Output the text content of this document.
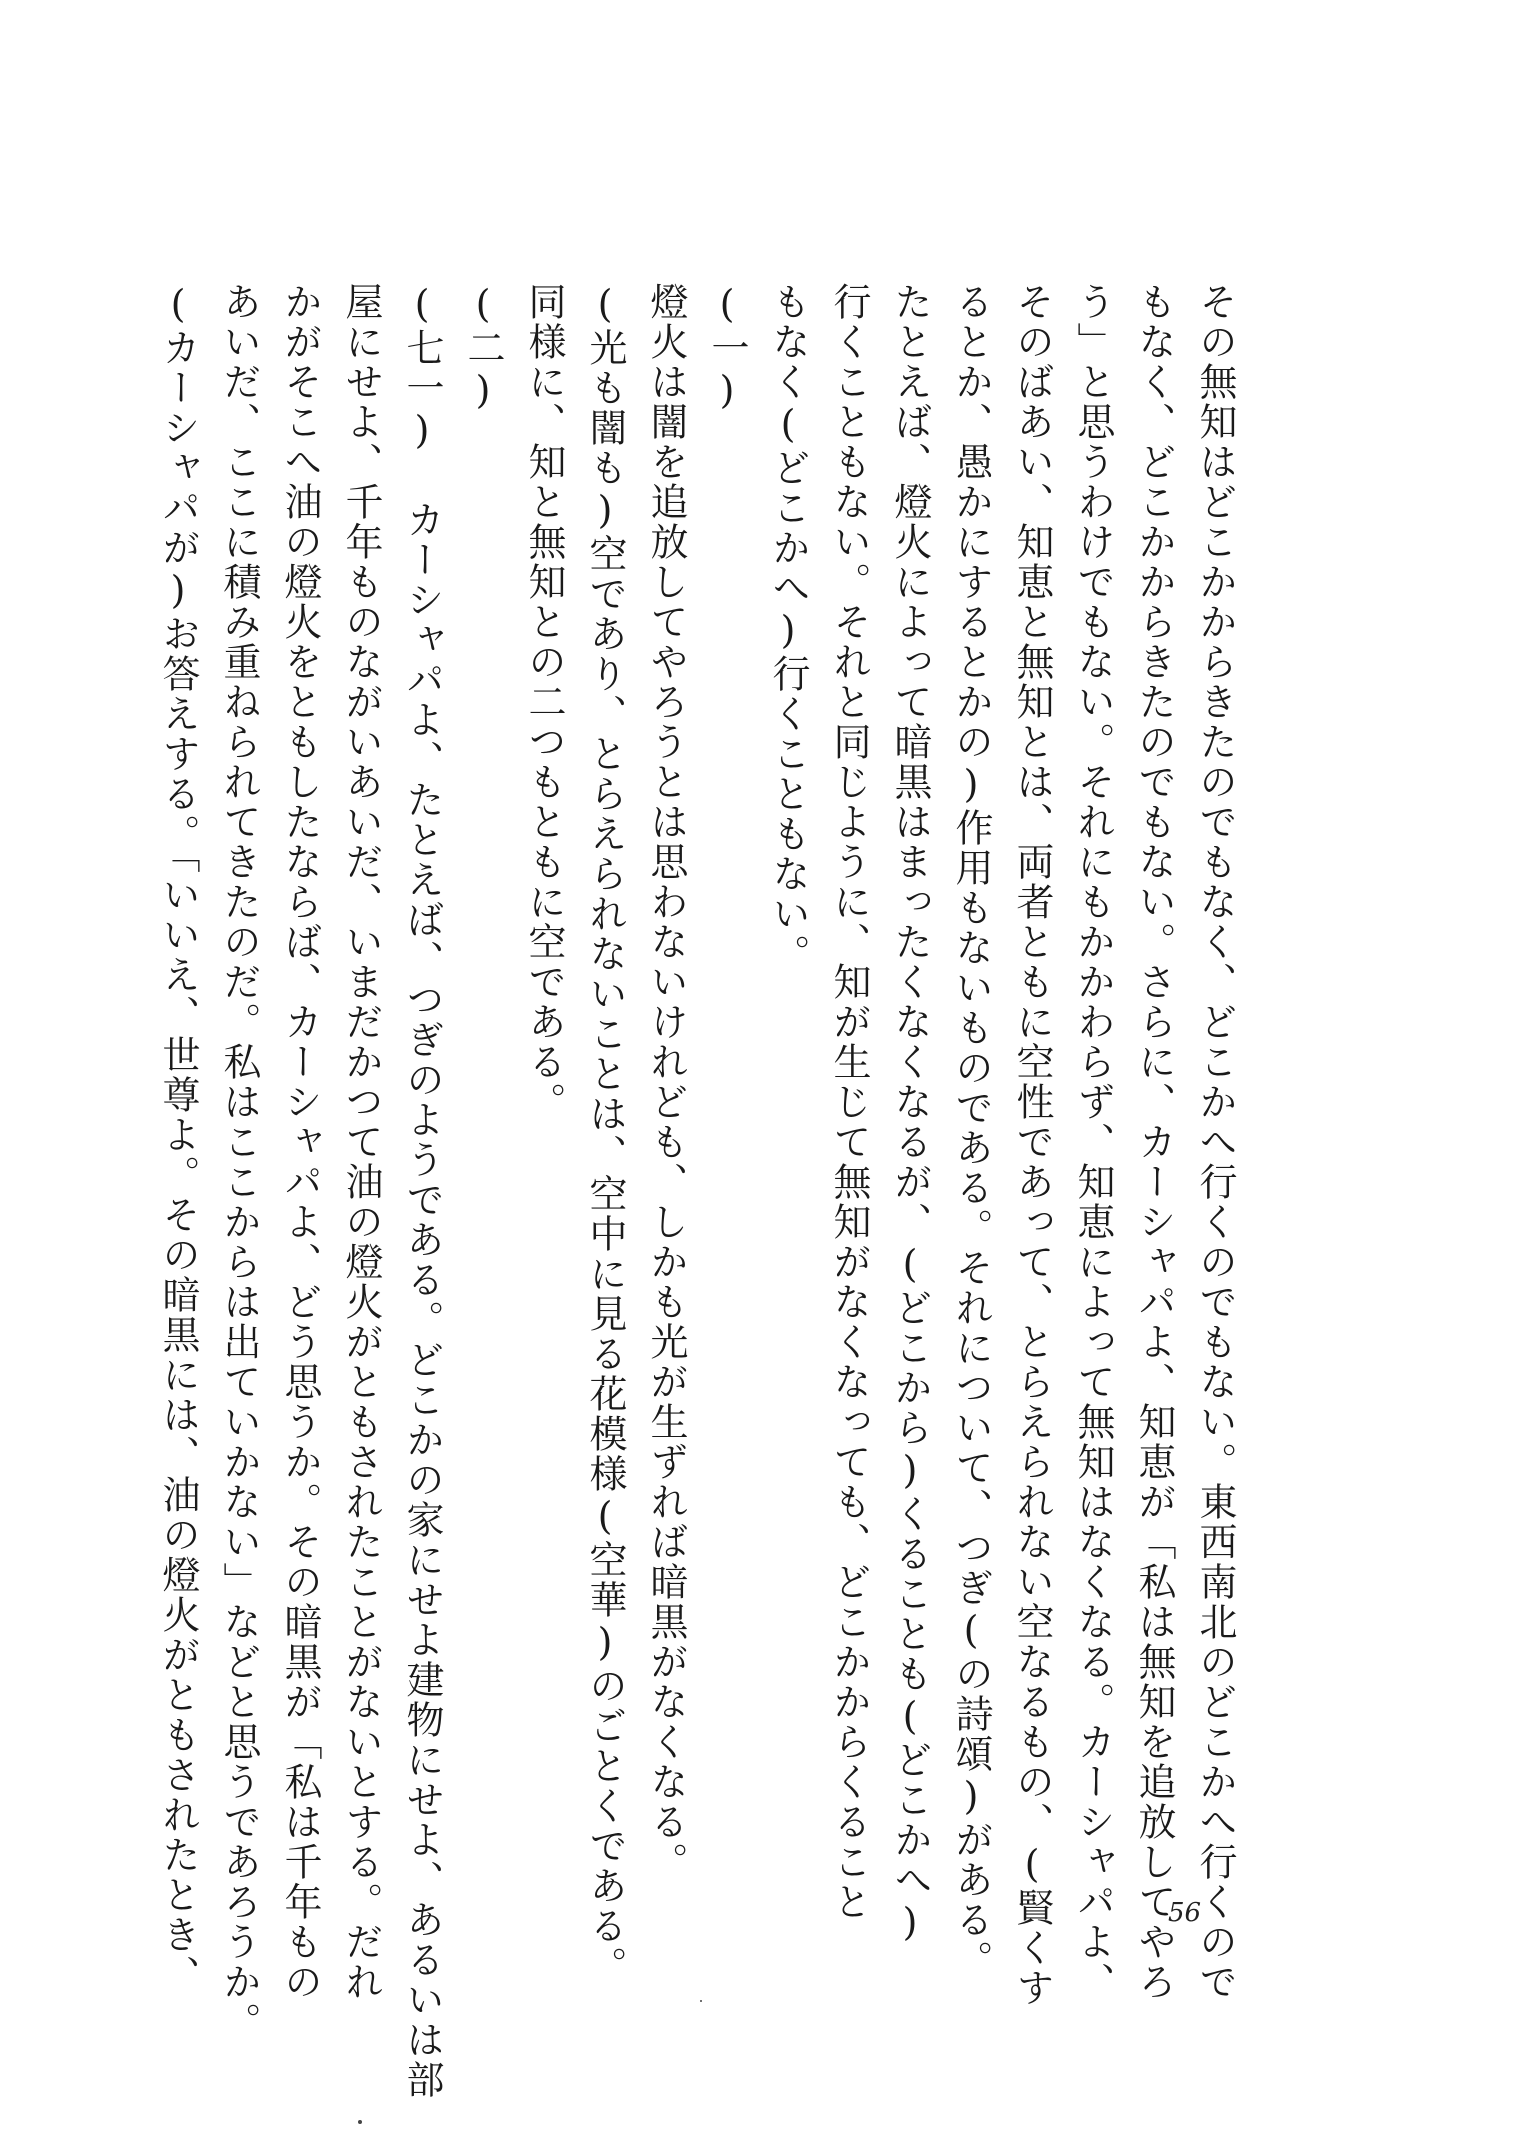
その無知はどこかからきたのでもなく、どこかへ行くのでもない。東西南北のどこかへ行くので
もなく、どこかからきたのでもない。さらに、カーシャパよ、知恵が「私は無知を追放してやろ
う」と思うわけでもない。それにもかかわらず、知恵によって無知はなくなる。カーシャパよ、
そのばあい、知恵と無知とは、両者ともに空性であって、とらえられない空なるもの、(賢くす
るとか、愚かにするとかの)作用もないものである。それについて、つぎ(の詩頌)がある。
たとえば、燈火によって暗黒はまったくなくなるが、(どこから)くることも(どこかへ)
行くこともない。それと同じように、知が生じて無知がなくなっても、どこかからくること
もなく(どこかへ)行くこともない。
(一)
燈火は闇を追放してやろうとは思わないけれども、しかも光が生ずれば暗黒がなくなる。
(光も闇も)空であり、とらえられないことは、空中に見る花模様(空華)のごとくである。
同様に、知と無知との二つもともに空である。
(二)
(七一) カーシャパよ、たとえば、つぎのようである。どこかの家にせよ建物にせよ、あるいは部
屋にせよ、千年ものながいあいだ、いまだかつて油の燈火がともされたことがないとする。だれ
かがそこへ油の燈火をともしたならば、カーシャパよ、どう思うか。その暗黒が「私は千年もの
あいだ、ここに積み重ねられてきたのだ。私はここからは出ていかない」などと思うであろうか。
(カーシャパが)お答えする。「いいえ、世尊よ。その暗黒には、油の燈火がともされたとき、	56
